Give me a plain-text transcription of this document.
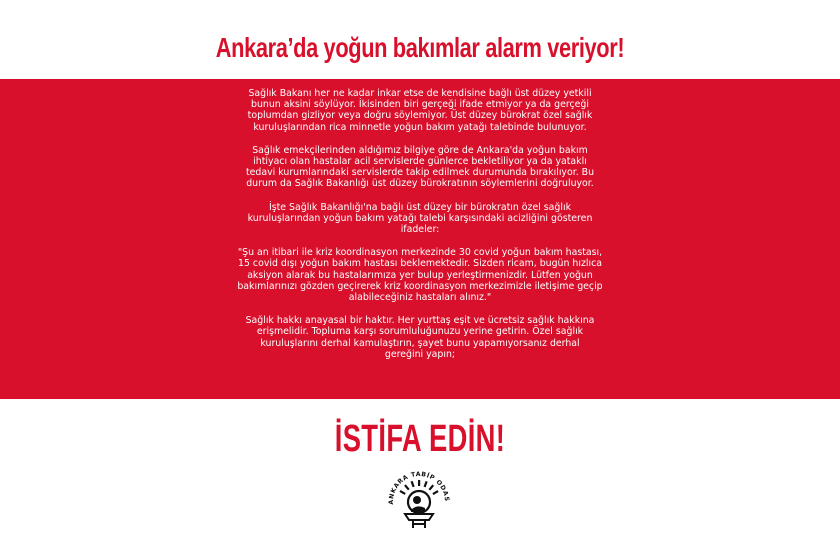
Ankara’da yoğun bakımlar alarm veriyor!

Sağlık Bakanı her ne kadar inkar etse de kendisine bağlı üst düzey yetkili bunun aksini söylüyor. İkisinden biri gerçeği ifade etmiyor ya da gerçeği toplumdan gizliyor veya doğru söylemiyor. Üst düzey bürokrat özel sağlık kuruluşlarından rica minnetle yoğun bakım yatağı talebinde bulunuyor.

Sağlık emekçilerinden aldığımız bilgiye göre de Ankara'da yoğun bakım ihtiyacı olan hastalar acil servislerde günlerce bekletiliyor ya da yataklı tedavi kurumlarındaki servislerde takip edilmek durumunda bırakılıyor. Bu durum da Sağlık Bakanlığı üst düzey bürokratının söylemlerini doğruluyor.

İşte Sağlık Bakanlığı'na bağlı üst düzey bir bürokratın özel sağlık kuruluşlarından yoğun bakım yatağı talebi karşısındaki acizliğini gösteren ifadeler:

"Şu an itibari ile kriz koordinasyon merkezinde 30 covid yoğun bakım hastası, 15 covid dışı yoğun bakım hastası beklemektedir. Sizden ricam, bugün hızlıca aksiyon alarak bu hastalarımıza yer bulup yerleştirmenizdir. Lütfen yoğun bakımlarınızı gözden geçirerek kriz koordinasyon merkezimizle iletişime geçip alabileceğiniz hastaları alınız."

Sağlık hakkı anayasal bir haktır. Her yurttaş eşit ve ücretsiz sağlık hakkına erişmelidir. Topluma karşı sorumluluğunuzu yerine getirin. Özel sağlık kuruluşlarını derhal kamulaştırın, şayet bunu yapamıyorsanız derhal gereğini yapın;

İSTİFA EDİN!
ANKARA TABİP ODAS
